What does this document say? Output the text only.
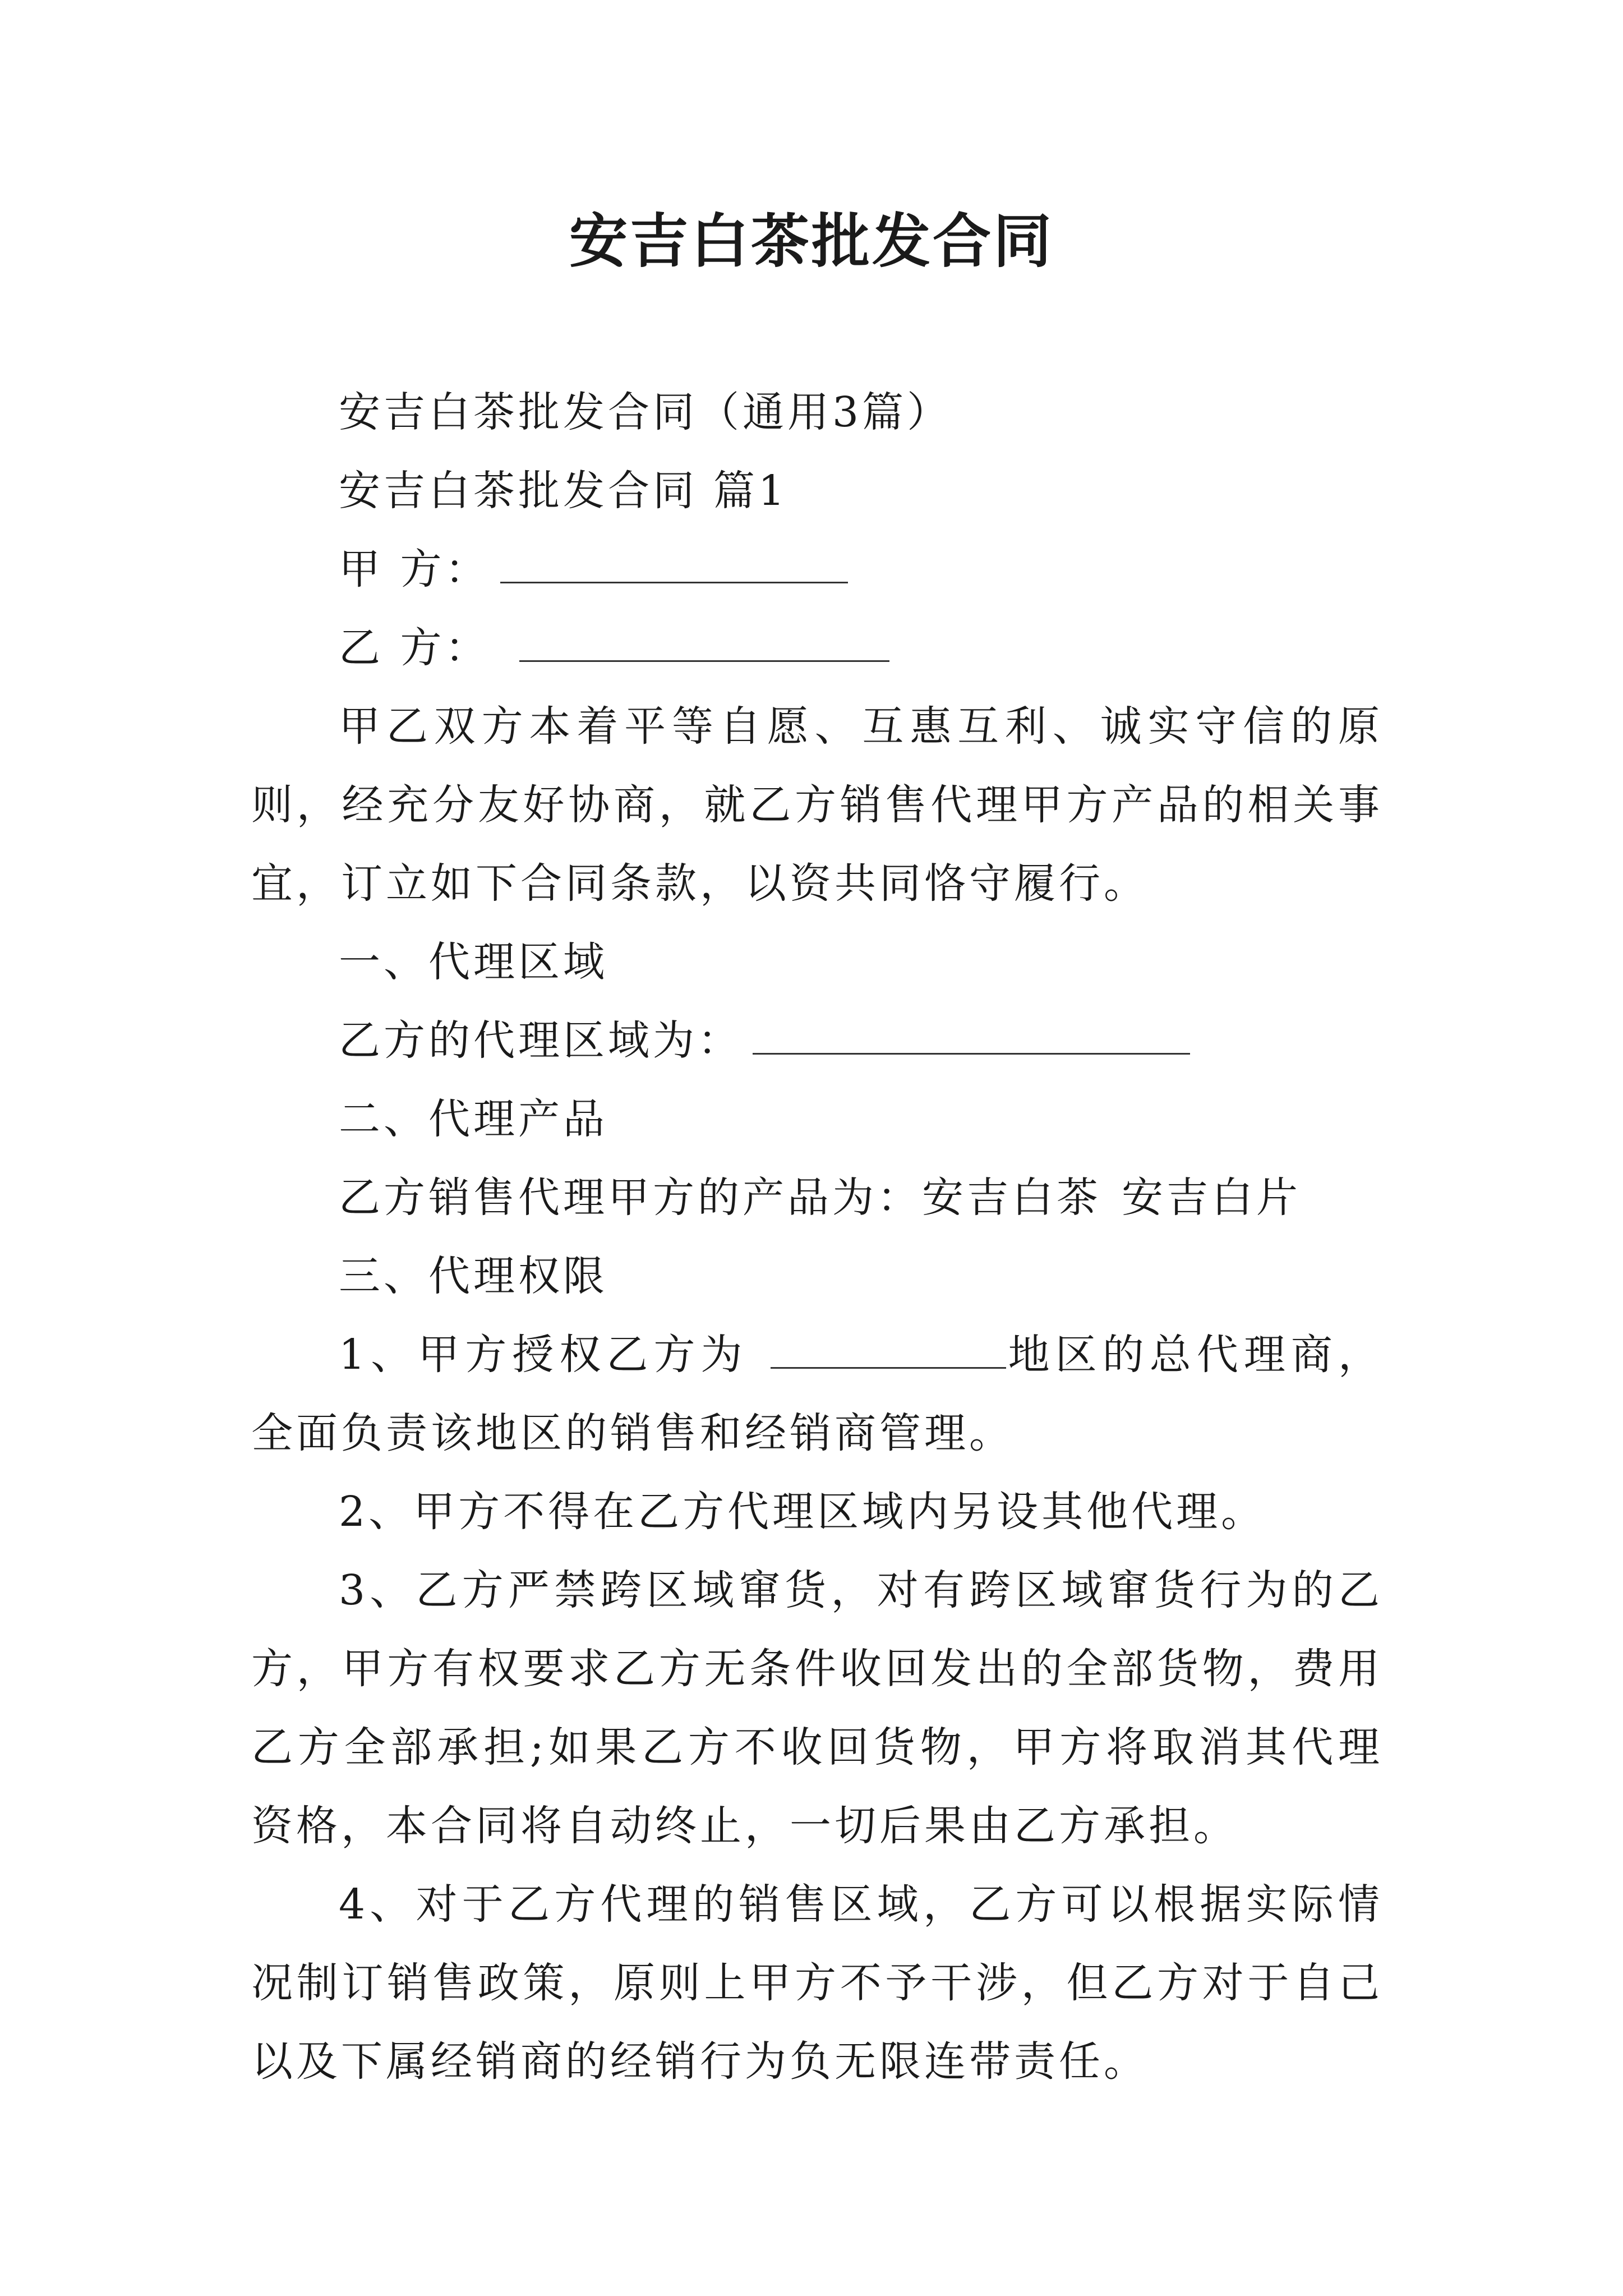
安吉白茶批发合同

安吉白茶批发合同（通用3篇）

安吉白茶批发合同 篇1

甲 方：

乙 方：

甲乙双方本着平等自愿、互惠互利、诚实守信的原则，经充分友好协商，就乙方销售代理甲方产品的相关事宜，订立如下合同条款，以资共同恪守履行。

一、代理区域

乙方的代理区域为：

二、代理产品

乙方销售代理甲方的产品为：安吉白茶 安吉白片

三、代理权限

1、甲方授权乙方为	地区的总代理商，全面负责该地区的销售和经销商管理。

2、甲方不得在乙方代理区域内另设其他代理。

3、乙方严禁跨区域窜货，对有跨区域窜货行为的乙方，甲方有权要求乙方无条件收回发出的全部货物，费用乙方全部承担;如果乙方不收回货物，甲方将取消其代理资格，本合同将自动终止，一切后果由乙方承担。

4、对于乙方代理的销售区域，乙方可以根据实际情况制订销售政策，原则上甲方不予干涉，但乙方对于自己以及下属经销商的经销行为负无限连带责任。
